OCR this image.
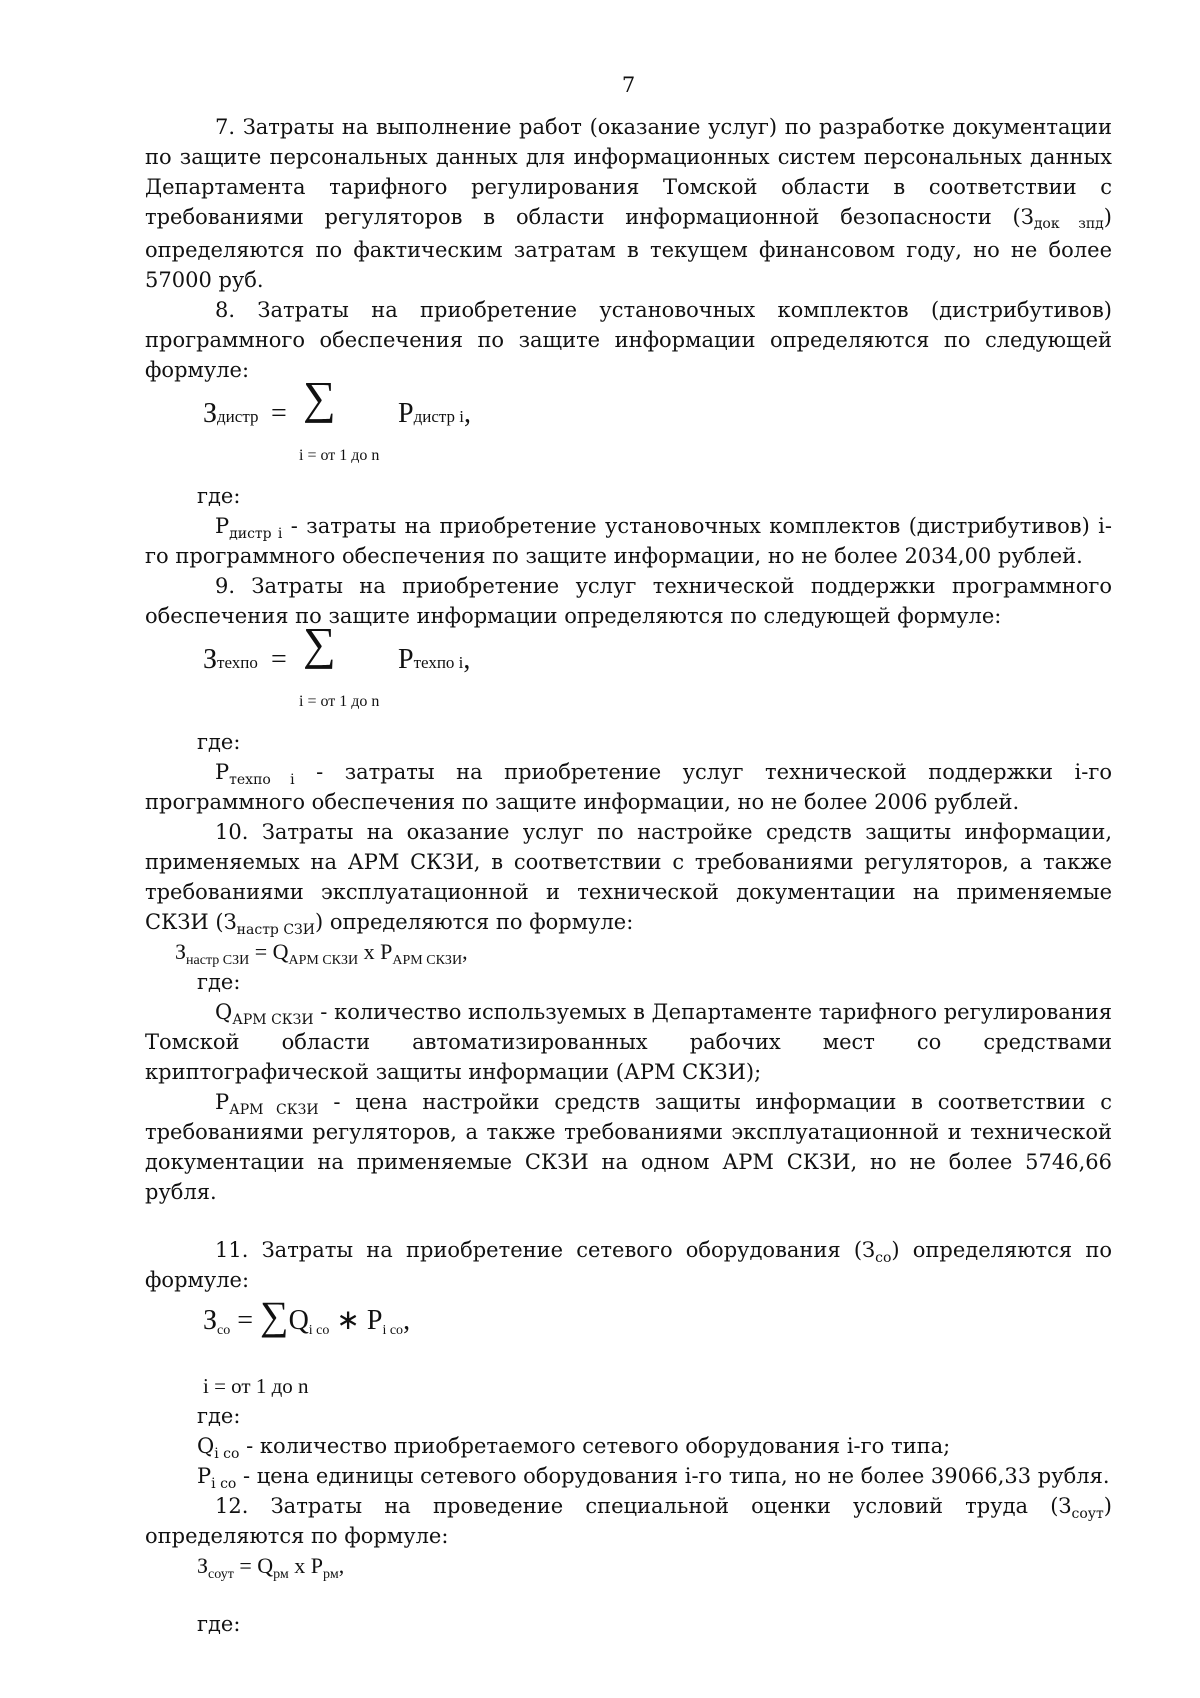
7

7. Затраты на выполнение работ (оказание услуг) по разработке документации по защите персональных данных для информационных систем персональных данных Департамента тарифного регулирования Томской области в соответствии с требованиями регуляторов в области информационной безопасности (Здок зпд) определяются по фактическим затратам в текущем финансовом году, но не более 57000 руб.

8. Затраты на приобретение установочных комплектов (дистрибутивов) программного обеспечения по защите информации определяются по следующей формуле:

Здистр = ∑
i = от 1 до n
Pдистр i,
где:

$P_{дистр i}$ - затраты на приобретение установочных комплектов (дистрибутивов) i-го программного обеспечения по защите информации, но не более 2034,00 рублей.

9. Затраты на приобретение услуг технической поддержки программного обеспечения по защите информации определяются по следующей формуле:

Зтехпо = ∑
i = от 1 до n
Pтехпо i,
где:

$P_{техпо i}$ - затраты на приобретение услуг технической поддержки i-го программного обеспечения по защите информации, но не более 2006 рублей.

10. Затраты на оказание услуг по настройке средств защиты информации, применяемых на АРМ СКЗИ, в соответствии с требованиями регуляторов, а также требованиями эксплуатационной и технической документации на применяемые СКЗИ $(З_{настр СЗИ})$ определяются по формуле:

$З_{настр СЗИ} = Q_{АРМ СКЗИ}$ x $P_{АРМ СКЗИ}$,
где:

$Q_{АРМ СКЗИ}$ - количество используемых в Департаменте тарифного регулирования Томской области автоматизированных рабочих мест со средствами криптографической защиты информации (АРМ СКЗИ);

$P_{АРМ СКЗИ}$ - цена настройки средств защиты информации в соответствии с требованиями регуляторов, а также требованиями эксплуатационной и технической документации на применяемые СКЗИ на одном АРМ СКЗИ, но не более 5746,66 рубля.

11. Затраты на приобретение сетевого оборудования $(З_{со})$ определяются по формуле:

$З_{со} = \sum Q_{i со}$ ∗ $P_{i со}$,
i = от 1 до n
где:
$Q_{i со}$ - количество приобретаемого сетевого оборудования i-го типа;
$P_{i со}$ - цена единицы сетевого оборудования i-го типа, но не более 39066,33 рубля.

12. Затраты на проведение специальной оценки условий труда $(З_{соут})$ определяются по формуле:

$З_{соут} = Q_{рм}$ x $P_{рм}$,
где:
